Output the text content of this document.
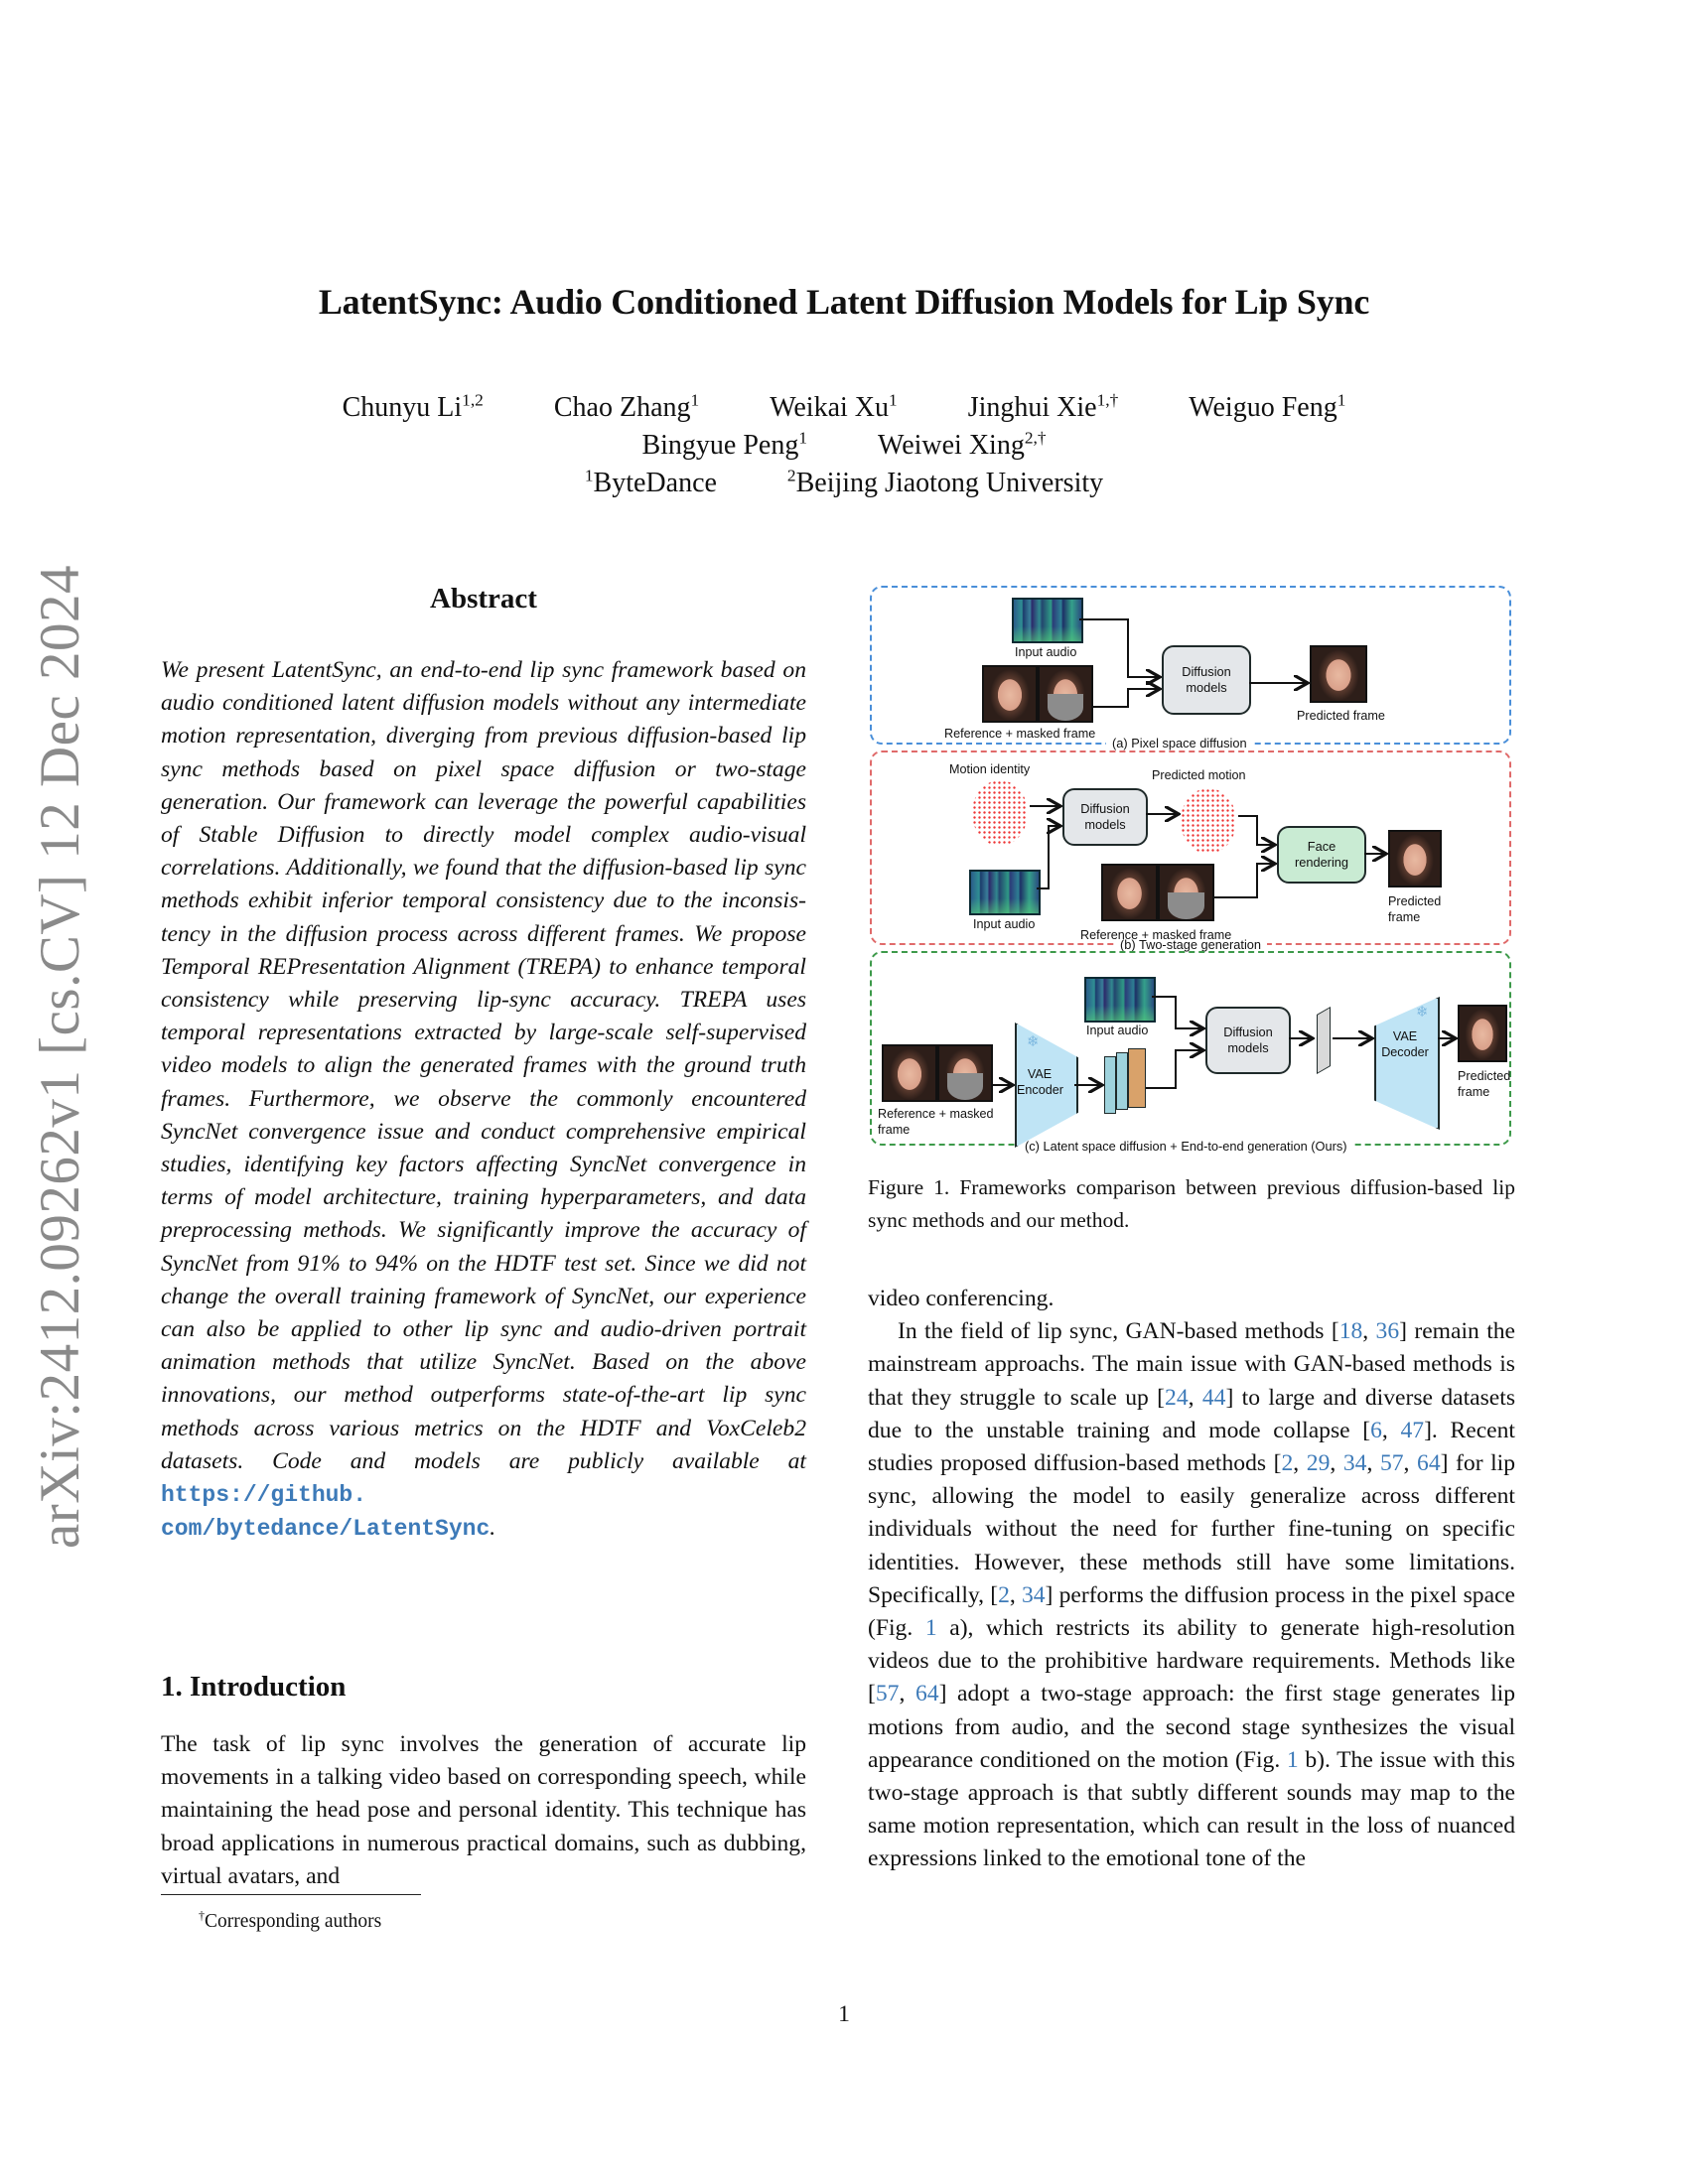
LatentSync: Audio Conditioned Latent Diffusion Models for Lip Sync
Chunyu Li$^{1,2}$	Chao Zhang$^1$	Weikai Xu$^1$	Jinghui Xie$^{1,\dagger}$	Weiguo Feng$^1$
Bingyue Peng$^1$	Weiwei Xing$^{2,\dagger}$
$^1$ByteDance	$^2$Beijing Jiaotong University
arXiv:2412.09262v1 [cs.CV] 12 Dec 2024	Abstract
We present LatentSync, an end-to-end lip sync framework based on audio conditioned latent diffusion models without any intermediate motion representation, diverging from previous diffusion-based lip sync methods based on pixel space diffusion or two-stage generation. Our framework can leverage the powerful capabilities of Stable Diffusion to directly model complex audio-visual correlations. Additionally, we found that the diffusion-based lip sync methods exhibit inferior temporal consistency due to the inconsistency in the diffusion process across different frames. We propose Temporal REPresentation Alignment (TREPA) to enhance temporal consistency while preserving lip-sync accuracy. TREPA uses temporal representations extracted by large-scale self-supervised video models to align the generated frames with the ground truth frames. Furthermore, we observe the commonly encountered SyncNet convergence issue and conduct comprehensive empirical studies, identifying key factors affecting SyncNet convergence in terms of model architecture, training hyperparameters, and data preprocessing methods. We significantly improve the accuracy of SyncNet from 91% to 94% on the HDTF test set. Since we did not change the overall training framework of SyncNet, our experience can also be applied to other lip sync and audio-driven portrait animation methods that utilize SyncNet. Based on the above innovations, our method outperforms state-of-the-art lip sync methods across various metrics on the HDTF and VoxCeleb2 datasets. Code and models are publicly available at https://github.
com/bytedance/LatentSync.
1. Introduction
The task of lip sync involves the generation of accurate lip movements in a talking video based on corresponding speech, while maintaining the head pose and personal identity. This technique has broad applications in numerous practical domains, such as dubbing, virtual avatars, and
†Corresponding authors
1
(a) Pixel space diffusion
Input audio
Reference + masked frame
Diffusion models
Predicted frame
(b) Two-stage generation
Motion identity
Diffusion models
Predicted motion
Input audio
Reference + masked frame
Face rendering
Predicted frame
(c) Latent space diffusion + End-to-end generation (Ours)
Reference + masked frame
VAE Encoder
Input audio	Diffusion models
VAE Decoder
Predicted frame
❄
❄
Figure 1. Frameworks comparison between previous diffusion-based lip sync methods and our method.
video conferencing.
In the field of lip sync, GAN-based methods [18, 36] remain the mainstream approachs. The main issue with GAN-based methods is that they struggle to scale up [24, 44] to large and diverse datasets due to the unstable training and mode collapse [6, 47]. Recent studies proposed diffusion-based methods [2, 29, 34, 57, 64] for lip sync, allowing the model to easily generalize across different individuals without the need for further fine-tuning on specific identities. However, these methods still have some limitations. Specifically, [2, 34] performs the diffusion process in the pixel space (Fig. 1 a), which restricts its ability to generate high-resolution videos due to the prohibitive hardware requirements. Methods like [57, 64] adopt a two-stage approach: the first stage generates lip motions from audio, and the second stage synthesizes the visual appearance conditioned on the motion (Fig. 1 b). The issue with this two-stage approach is that subtly different sounds may map to the same motion representation, which can result in the loss of nuanced expressions linked to the emotional tone of the
